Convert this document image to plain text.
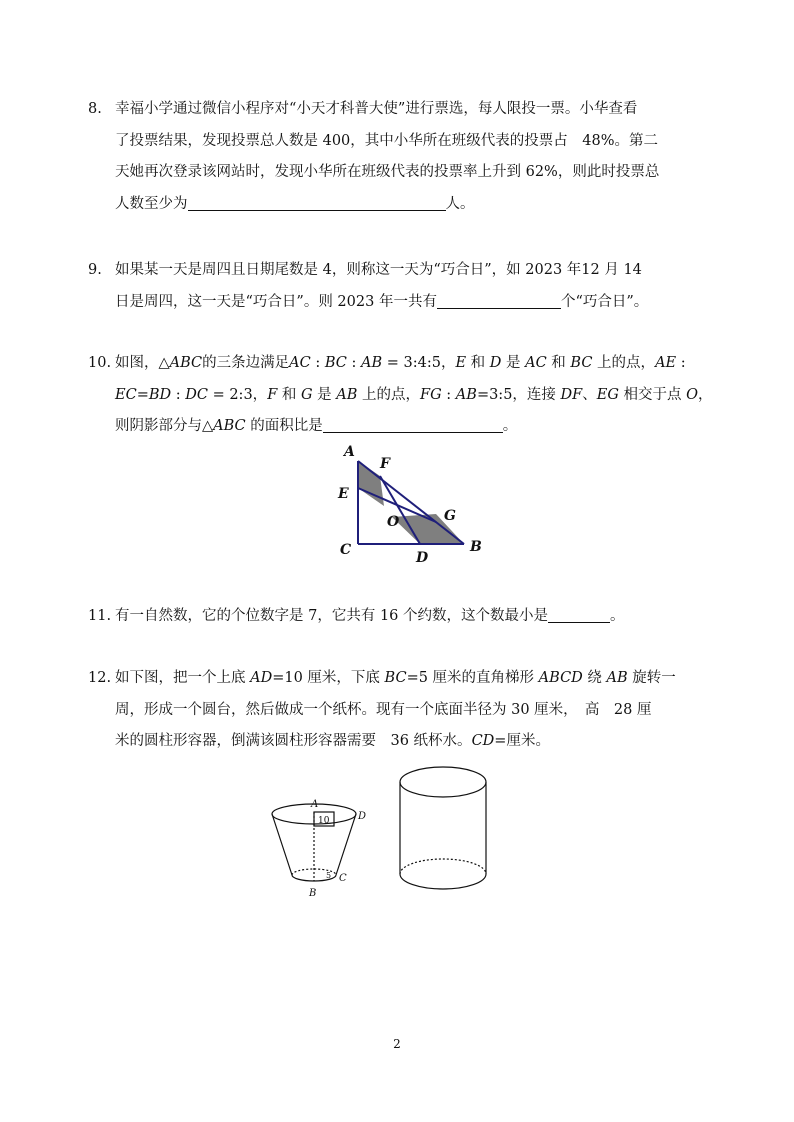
8. 幸福小学通过微信小程序对“小天才科普大使”进行票选，每人限投一票。小华查看
了投票结果，发现投票总人数是 400，其中小华所在班级代表的投票占　48%。第二
天她再次登录该网站时，发现小华所在班级代表的投票率上升到 62%，则此时投票总
人数至少为	人。
9. 如果某一天是周四且日期尾数是 4，则称这一天为“巧合日”，如 2023 年12 月 14
日是周四，这一天是“巧合日”。则 2023 年一共有	个“巧合日”。
10. 如图，△ABC的三条边满足AC : BC : AB = 3:4:5，E 和 D 是 AC 和 BC 上的点，AE :
EC=BD : DC = 2:3，F 和 G 是 AB 上的点，FG : AB=3:5，连接 DF、EG 相交于点 O，
则阴影部分与△ABC 的面积比是	。
A
F
E
O	G
C	D
B
11. 有一自然数，它的个位数字是 7，它共有 16 个约数，这个数最小是	。
12. 如下图，把一个上底 AD=10 厘米，下底 BC=5 厘米的直角梯形 ABCD 绕 AB 旋转一
周，形成一个圆台，然后做成一个纸杯。现有一个底面半径为 30 厘米，　高　28 厘
米的圆柱形容器，倒满该圆柱形容器需要　36 纸杯水。CD=厘米。
A
D
10
5 C
B
2
